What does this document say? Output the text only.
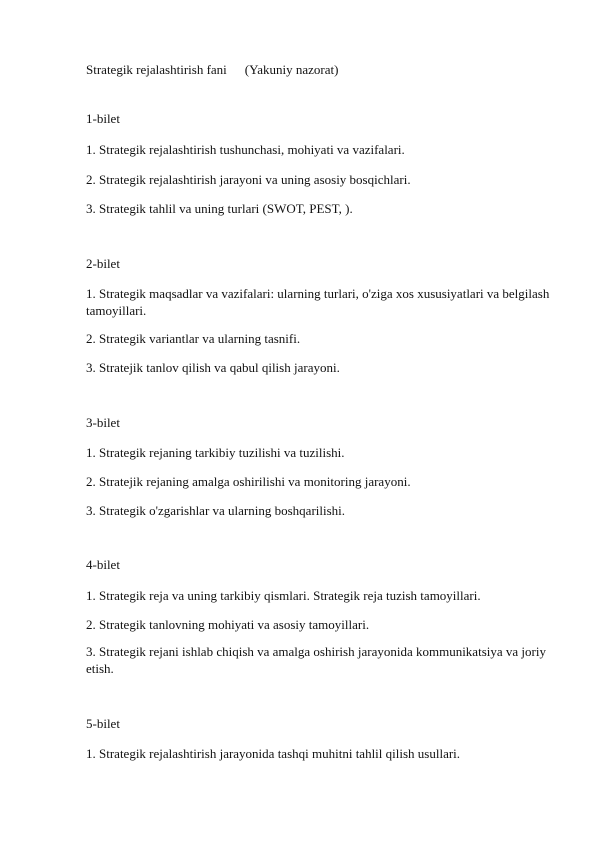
Strategik rejalashtirish fani (Yakuniy nazorat)
1-bilet
1. Strategik rejalashtirish tushunchasi, mohiyati va vazifalari.
2. Strategik rejalashtirish jarayoni va uning asosiy bosqichlari.
3. Strategik tahlil va uning turlari (SWOT, PEST, ).
2-bilet
1. Strategik maqsadlar va vazifalari: ularning turlari, o'ziga xos xususiyatlari va belgilash tamoyillari.
2. Strategik variantlar va ularning tasnifi.
3. Stratejik tanlov qilish va qabul qilish jarayoni.
3-bilet
1. Strategik rejaning tarkibiy tuzilishi va tuzilishi.
2. Stratejik rejaning amalga oshirilishi va monitoring jarayoni.
3. Strategik o'zgarishlar va ularning boshqarilishi.
4-bilet
1. Strategik reja va uning tarkibiy qismlari. Strategik reja tuzish tamoyillari.
2. Strategik tanlovning mohiyati va asosiy tamoyillari.
3. Strategik rejani ishlab chiqish va amalga oshirish jarayonida kommunikatsiya va joriy etish.
5-bilet
1. Strategik rejalashtirish jarayonida tashqi muhitni tahlil qilish usullari.
